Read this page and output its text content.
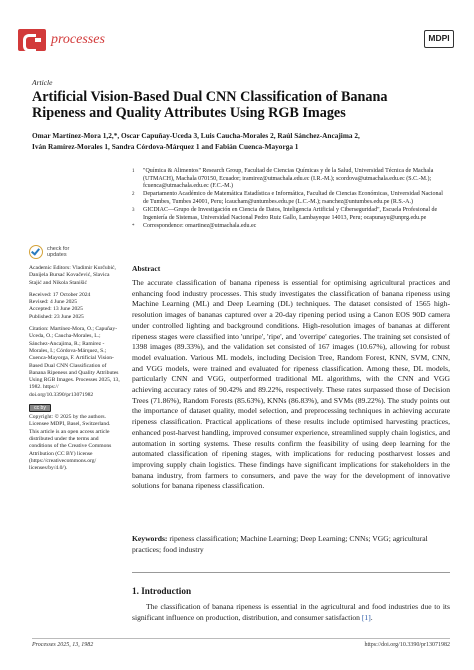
processes	MDPI
Article
Artificial Vision-Based Dual CNN Classification of Banana Ripeness and Quality Attributes Using RGB Images
Omar Martínez-Mora 1,2,*, Oscar Capuñay-Uceda 3, Luis Caucha-Morales 2, Raúl Sánchez-Ancajima 2,
Iván Ramírez-Morales 1, Sandra Córdova-Márquez 1 and Fabián Cuenca-Mayorga 1
1 "Química & Alimentos" Research Group, Facultad de Ciencias Químicas y de la Salud, Universidad Técnica de Machala (UTMACH), Machala 070150, Ecuador; iramirez@utmachala.edu.ec (I.R.-M.); scordova@utmachala.edu.ec (S.C.-M.); fcuenca@utmachala.edu.ec (F.C.-M.)
2 Departamento Académico de Matemática Estadística e Informática, Facultad de Ciencias Económicas, Universidad Nacional de Tumbes, Tumbes 24001, Peru; lcaucham@untumbes.edu.pe (L.C.-M.); rsanchez@untumbes.edu.pe (R.S.-A.)
3 GICDIAC—Grupo de Investigación en Ciencia de Datos, Inteligencia Artificial y Ciberseguridad", Escuela Profesional de Ingeniería de Sistemas, Universidad Nacional Pedro Ruiz Gallo, Lambayeque 14013, Peru; ocapunayu@unprg.edu.pe
* Correspondence: omartinez@utmachala.edu.ec
check for
updates
Academic Editors: Vladimir Kurčubić, Danijela Bursać Kovačević, Slavica Stajić and Nikola Stanišić
Received: 17 October 2024
Revised: 4 June 2025
Accepted: 13 June 2025
Published: 23 June 2025
Citation: Martínez-Mora, O.; Capuñay-Uceda, O.; Caucha-Morales, L.; Sánchez-Ancajima, R.; Ramírez -Morales, I.; Córdova-Márquez, S.; Cuenca-Mayorga, F. Artificial Vision-Based Dual CNN Classification of Banana Ripeness and Quality Attributes Using RGB Images. Processes 2025, 13, 1982. https:// doi.org/10.3390/pr13071982
cc by
Copyright: © 2025 by the authors. Licensee MDPI, Basel, Switzerland. This article is an open access article distributed under the terms and conditions of the Creative Commons Attribution (CC BY) license (https://creativecommons.org/ licenses/by/4.0/).
Abstract
The accurate classification of banana ripeness is essential for optimising agricultural practices and enhancing food industry processes. This study investigates the classification of banana ripeness using Machine Learning (ML) and Deep Learning (DL) techniques. The dataset consisted of 1565 high-resolution images of bananas captured over a 20-day ripening period using a Canon EOS 90D camera under controlled lighting and background conditions. High-resolution images of bananas at different ripeness stages were classified into 'unripe', 'ripe', and 'overripe' categories. The training set consisted of 1398 images (89.33%), and the validation set consisted of 167 images (10.67%), allowing for robust model evaluation. Various ML models, including Decision Tree, Random Forest, KNN, SVM, CNN, and VGG models, were trained and evaluated for ripeness classification. Among these, DL models, particularly CNN and VGG, outperformed traditional ML algorithms, with the CNN and VGG achieving accuracy rates of 90.42% and 89.22%, respectively. These rates surpassed those of Decision Trees (71.86%), Random Forests (85.63%), KNNs (86.83%), and SVMs (89.22%). The study points out the importance of dataset quality, model selection, and preprocessing techniques in achieving accurate ripeness classification. Practical applications of these results include optimised harvesting practices, enhanced post-harvest handling, improved consumer experience, streamlined supply chain logistics, and automation in sorting systems. These results confirm the feasibility of using deep learning for the automated classification of ripening stages, with implications for reducing postharvest losses and improving supply chain logistics. These findings have significant implications for stakeholders in the banana industry, from farmers to consumers, and pave the way for the development of innovative solutions for banana ripeness classification.
Keywords: ripeness classification; Machine Learning; Deep Learning; CNNs; VGG; agricultural practices; food industry
1. Introduction
The classification of banana ripeness is essential in the agricultural and food industries due to its significant influence on production, distribution, and consumer satisfaction [1].
Processes 2025, 13, 1982	https://doi.org/10.3390/pr13071982
